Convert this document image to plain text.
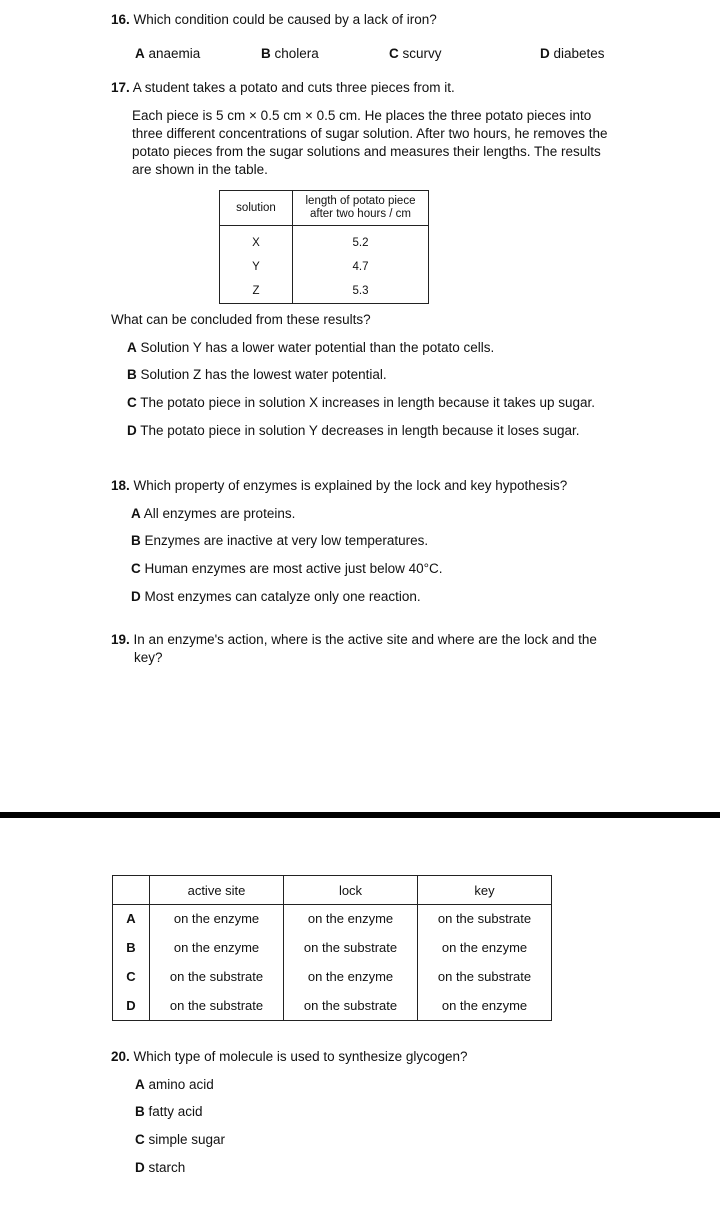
16. Which condition could be caused by a lack of iron?
A anaemia	B cholera	C scurvy	D diabetes
17. A student takes a potato and cuts three pieces from it.
Each piece is 5 cm × 0.5 cm × 0.5 cm. He places the three potato pieces into three different concentrations of sugar solution. After two hours, he removes the potato pieces from the sugar solutions and measures their lengths. The results are shown in the table.
solution	length of potato piece after two hours / cm
X	5.2
Y	4.7
Z	5.3
What can be concluded from these results?
A Solution Y has a lower water potential than the potato cells.
B Solution Z has the lowest water potential.
C The potato piece in solution X increases in length because it takes up sugar.
D The potato piece in solution Y decreases in length because it loses sugar.
18. Which property of enzymes is explained by the lock and key hypothesis?
A All enzymes are proteins.
B Enzymes are inactive at very low temperatures.
C Human enzymes are most active just below 40°C.
D Most enzymes can catalyze only one reaction.
19. In an enzyme's action, where is the active site and where are the lock and the
key?
	active site	lock	key
A	on the enzyme	on the enzyme	on the substrate
B	on the enzyme	on the substrate	on the enzyme
C	on the substrate	on the enzyme	on the substrate
D	on the substrate	on the substrate	on the enzyme
20. Which type of molecule is used to synthesize glycogen?
A amino acid
B fatty acid
C simple sugar
D starch
